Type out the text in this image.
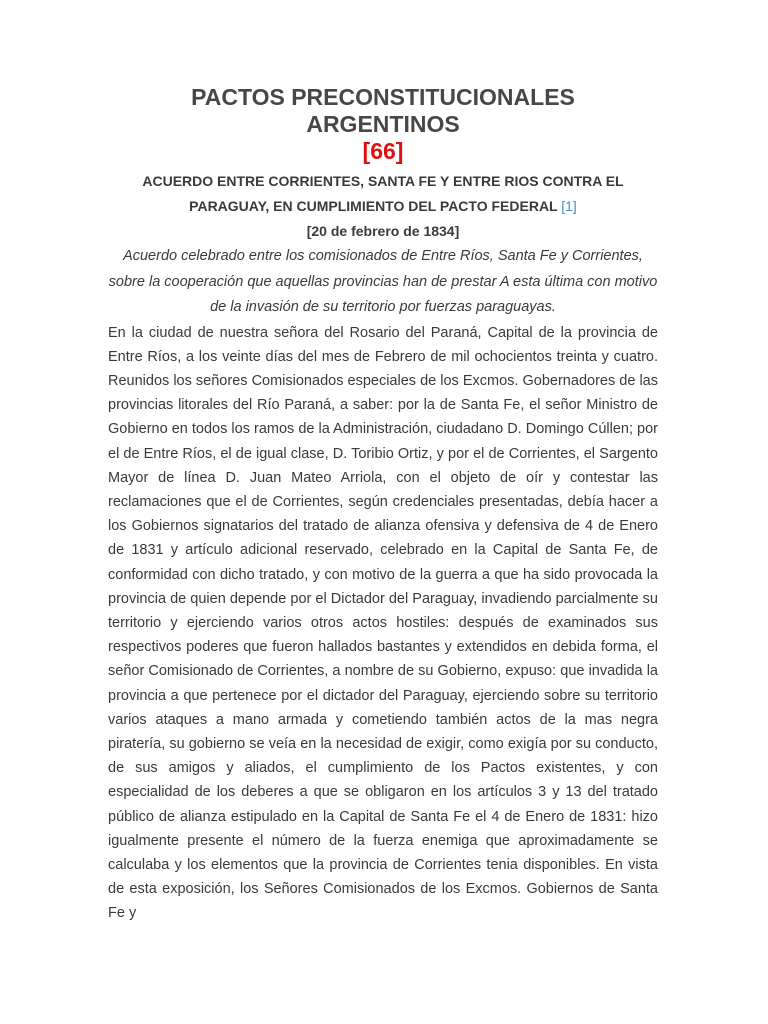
PACTOS PRECONSTITUCIONALES
ARGENTINOS

[66]

ACUERDO ENTRE CORRIENTES, SANTA FE Y ENTRE RIOS CONTRA EL PARAGUAY, EN CUMPLIMIENTO DEL PACTO FEDERAL [1]

[20 de febrero de 1834]

Acuerdo celebrado entre los comisionados de Entre Ríos, Santa Fe y Corrientes, sobre la cooperación que aquellas provincias han de prestar A esta última con motivo de la invasión de su territorio por fuerzas paraguayas.

En la ciudad de nuestra señora del Rosario del Paraná, Capital de la provincia de Entre Ríos, a los veinte días del mes de Febrero de mil ochocientos treinta y cuatro. Reunidos los señores Comisionados especiales de los Excmos. Gobernadores de las provincias litorales del Río Paraná, a saber: por la de Santa Fe, el señor Ministro de Gobierno en todos los ramos de la Administración, ciudadano D. Domingo Cúllen; por el de Entre Ríos, el de igual clase, D. Toribio Ortiz, y por el de Corrientes, el Sargento Mayor de línea D. Juan Mateo Arriola, con el objeto de oír y contestar las reclamaciones que el de Corrientes, según credenciales presentadas, debía hacer a los Gobiernos signatarios del tratado de alianza ofensiva y defensiva de 4 de Enero de 1831 y artículo adicional reservado, celebrado en la Capital de Santa Fe, de conformidad con dicho tratado, y con motivo de la guerra a que ha sido provocada la provincia de quien depende por el Dictador del Paraguay, invadiendo parcialmente su territorio y ejerciendo varios otros actos hostiles: después de examinados sus respectivos poderes que fueron hallados bastantes y extendidos en debida forma, el señor Comisionado de Corrientes, a nombre de su Gobierno, expuso: que invadida la provincia a que pertenece por el dictador del Paraguay, ejerciendo sobre su territorio varios ataques a mano armada y cometiendo también actos de la mas negra piratería, su gobierno se veía en la necesidad de exigir, como exigía por su conducto, de sus amigos y aliados, el cumplimiento de los Pactos existentes, y con especialidad de los deberes a que se obligaron en los artículos 3 y 13 del tratado público de alianza estipulado en la Capital de Santa Fe el 4 de Enero de 1831: hizo igualmente presente el número de la fuerza enemiga que aproximadamente se calculaba y los elementos que la provincia de Corrientes tenia disponibles. En vista de esta exposición, los Señores Comisionados de los Excmos. Gobiernos de Santa Fe y
